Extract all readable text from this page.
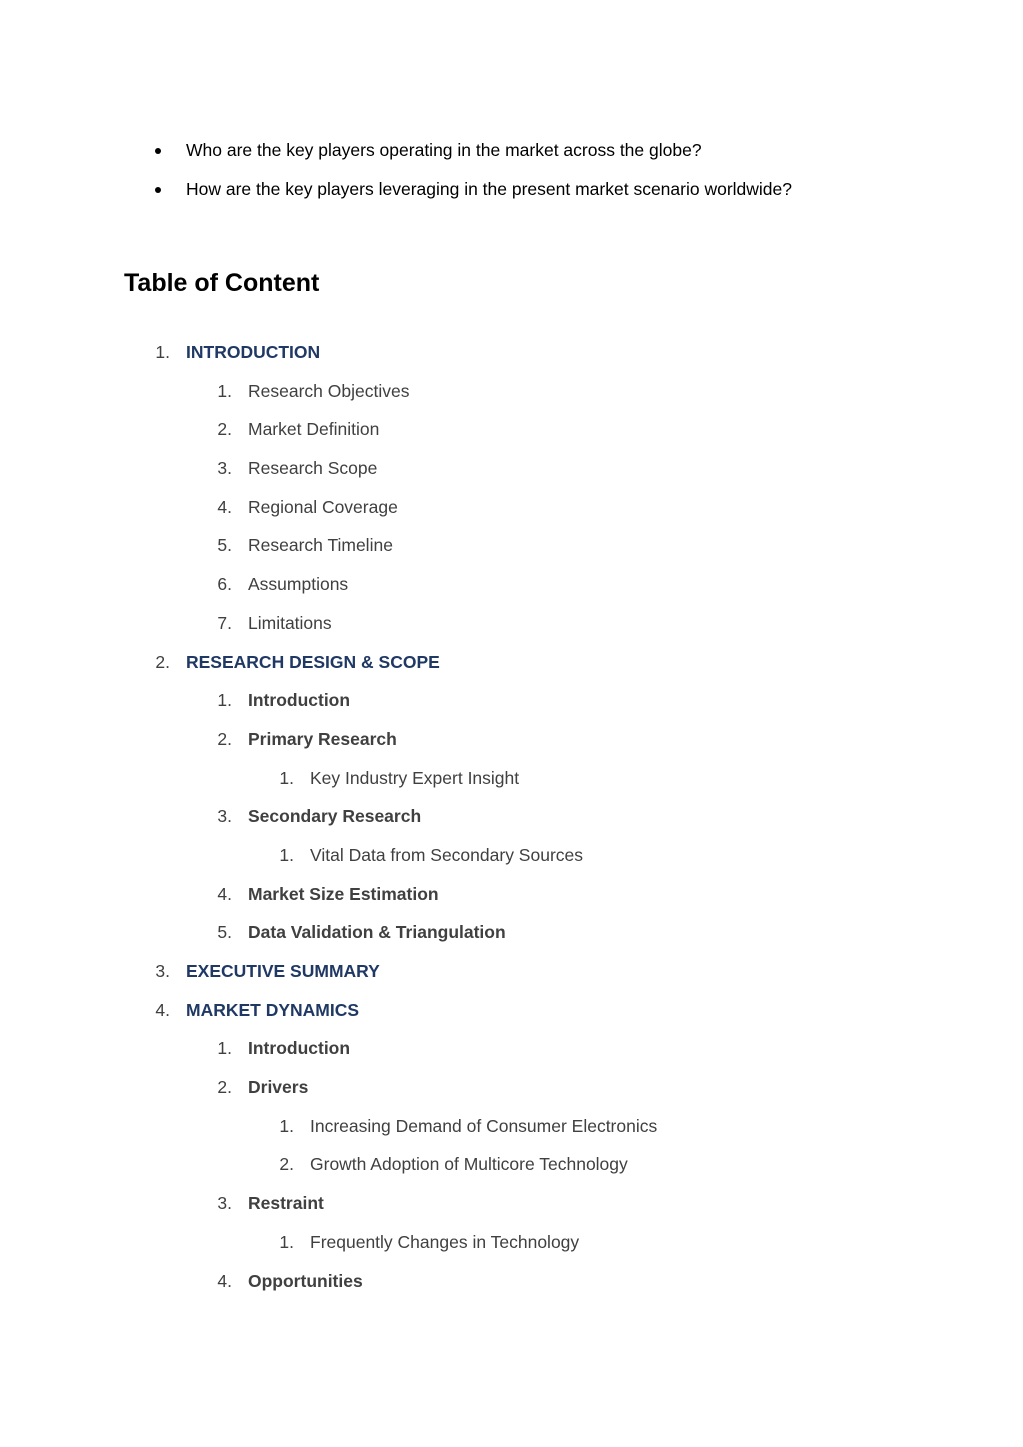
Who are the key players operating in the market across the globe?
How are the key players leveraging in the present market scenario worldwide?
Table of Content
1. INTRODUCTION
1. Research Objectives
2. Market Definition
3. Research Scope
4. Regional Coverage
5. Research Timeline
6. Assumptions
7. Limitations
2. RESEARCH DESIGN & SCOPE
1. Introduction
2. Primary Research
1. Key Industry Expert Insight
3. Secondary Research
1. Vital Data from Secondary Sources
4. Market Size Estimation
5. Data Validation & Triangulation
3. EXECUTIVE SUMMARY
4. MARKET DYNAMICS
1. Introduction
2. Drivers
1. Increasing Demand of Consumer Electronics
2. Growth Adoption of Multicore Technology
3. Restraint
1. Frequently Changes in Technology
4. Opportunities
